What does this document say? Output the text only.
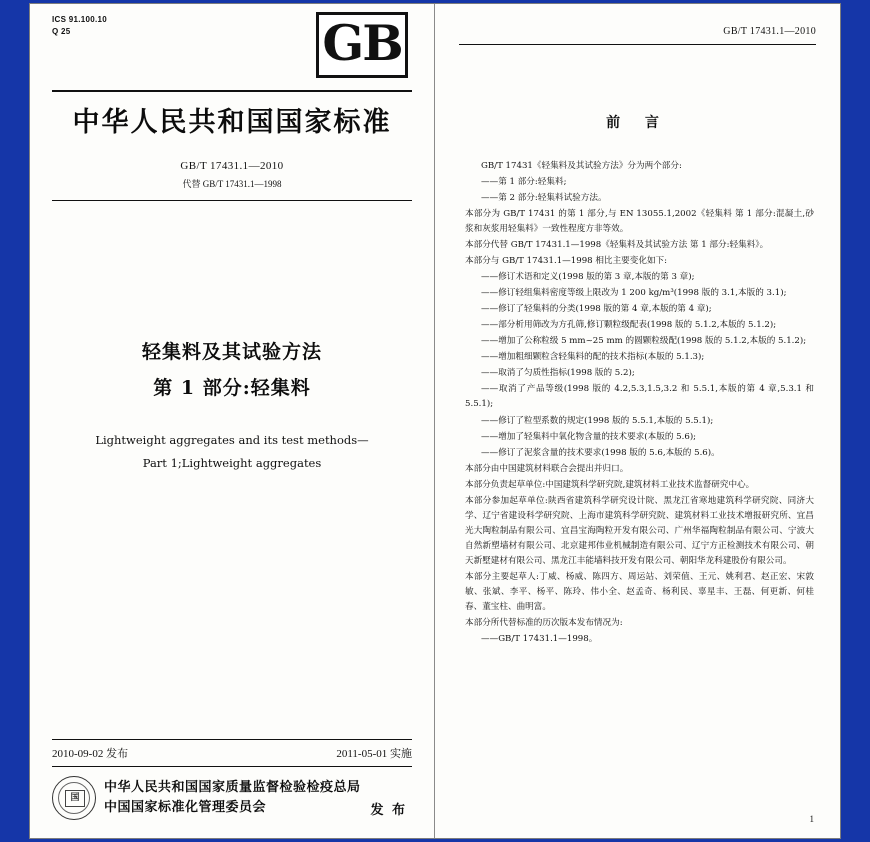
ICS 91.100.10
Q 25	GB
中华人民共和国国家标准
GB/T 17431.1—2010
代替 GB/T 17431.1—1998
轻集料及其试验方法
第 1 部分:轻集料
Lightweight aggregates and its test methods—
Part 1;Lightweight aggregates
2010-09-02 发布	2011-05-01 实施
国
中华人民共和国国家质量监督检验检疫总局
中国国家标准化管理委员会	发 布
GB/T 17431.1—2010
前 言

GB/T 17431《轻集料及其试验方法》分为两个部分:

——第 1 部分:轻集料;

——第 2 部分:轻集料试验方法。

本部分为 GB/T 17431 的第 1 部分,与 EN 13055.1,2002《轻集料 第 1 部分:混凝土,砂浆和灰浆用轻集料》一致性程度方非等效。

本部分代替 GB/T 17431.1—1998《轻集料及其试验方法 第 1 部分:轻集料》。

本部分与 GB/T 17431.1—1998 相比主要变化如下:

——修订术语和定义(1998 版的第 3 章,本版的第 3 章);

——修订轻组集料密度等级上限改为 1 200 kg/m³(1998 版的 3.1,本版的 3.1);

——修订了轻集料的分类(1998 版的第 4 章,本版的第 4 章);

——部分析用筛改为方孔筛,修订颗粒级配表(1998 版的 5.1.2,本版的 5.1.2);

——增加了公称粒级 5 mm~25 mm 的圆颗粒级配(1998 版的 5.1.2,本版的 5.1.2);

——增加粗细颗粒含轻集料的配的技术指标(本版的 5.1.3);

——取消了匀质性指标(1998 版的 5.2);

——取消了产品等级(1998 版的 4.2,5.3,1.5,3.2 和 5.5.1,本版的第 4 章,5.3.1 和 5.5.1);

——修订了粒型系数的规定(1998 版的 5.5.1,本版的 5.5.1);

——增加了轻集料中氧化物含量的技术要求(本版的 5.6);

——修订了泥浆含量的技术要求(1998 版的 5.6,本版的 5.6)。

本部分由中国建筑材料联合会提出并归口。

本部分负责起草单位:中国建筑科学研究院,建筑材料工业技术监督研究中心。

本部分参加起草单位:陕西省建筑科学研究设计院、黑龙江省寒地建筑科学研究院、同济大学、辽宁省建设科学研究院、上海市建筑科学研究院、建筑材料工业技术增报研究所、宜昌光大陶粒制品有限公司、宜昌宝海陶粒开发有限公司、广州华福陶粒制品有限公司、宁波大自然新塑墙材有限公司、北京建邦伟业机械制造有限公司、辽宁方正检测技术有限公司、朝天新墅建材有限公司、黑龙江丰能墙料技开发有限公司、朝阳华龙科建股份有限公司。

本部分主要起草人:丁威、杨威、陈四方、周运站、刘荣值、王元、姚利君、赵正宏、宋敦敏、张斌、李平、杨平、陈玲、伟小全、赵孟奇、杨利民、辜星丰、王磊、何更新、何桂春、董宝柱、曲明富。

本部分所代替标准的历次版本发布情况为:

——GB/T 17431.1—1998。

1
